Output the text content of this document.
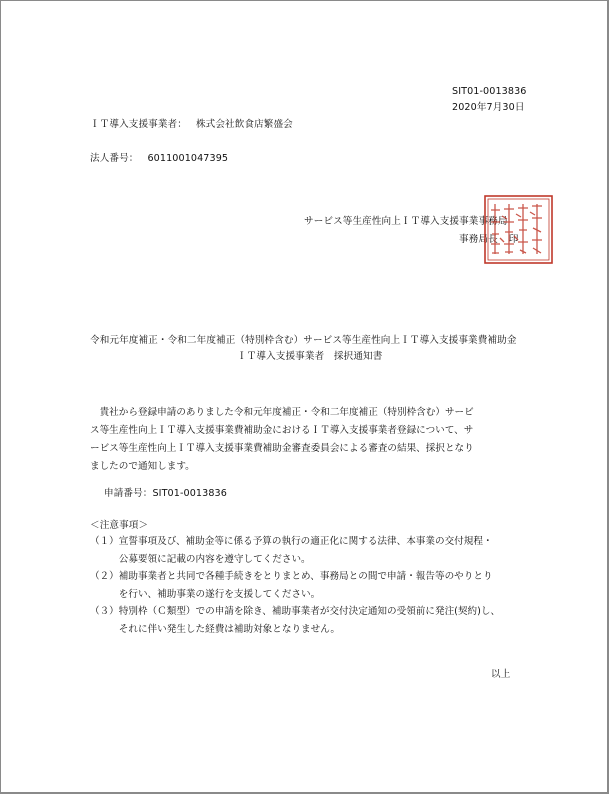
SIT01-0013836
2020年7月30日
ＩＴ導入支援事業者： 株式会社飲食店繁盛会
法人番号： 6011001047395
サービス等生産性向上ＩＴ導入支援事業事務局
事務局長 印
令和元年度補正・令和二年度補正（特別枠含む）サービス等生産性向上ＩＴ導入支援事業費補助金
ＩＴ導入支援事業者　採択通知書
　貴社から登録申請のありました令和元年度補正・令和二年度補正（特別枠含む）サービ
ス等生産性向上ＩＴ導入支援事業費補助金におけるＩＴ導入支援事業者登録について、サ
ービス等生産性向上ＩＴ導入支援事業費補助金審査委員会による審査の結果、採択となり
ましたので通知します。
申請番号：SIT01-0013836
＜注意事項＞
（１）宣誓事項及び、補助金等に係る予算の執行の適正化に関する法律、本事業の交付規程・
　　　公募要領に記載の内容を遵守してください。
（２）補助事業者と共同で各種手続きをとりまとめ、事務局との間で申請・報告等のやりとり
　　　を行い、補助事業の遂行を支援してください。
（３）特別枠（Ｃ類型）での申請を除き、補助事業者が交付決定通知の受領前に発注(契約)し、
　　　それに伴い発生した経費は補助対象となりません。
以上
